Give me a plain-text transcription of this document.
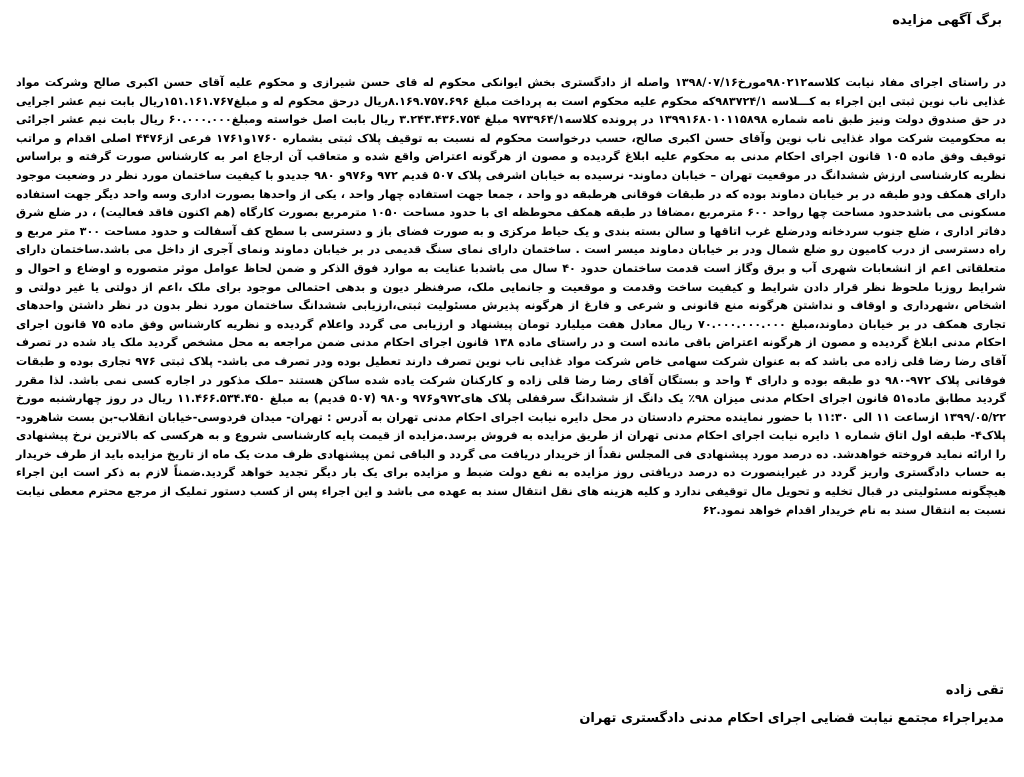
برگ آگهی مزایده

در راستای اجرای مفاد نیابت کلاسه۹۸۰۲۱۲مورخ۱۳۹۸/۰۷/۱۶ واصله از دادگستری بخش ایوانکی محکوم له قای حسن شیرازی و محکوم علیه آقای حسن اکبری صالح وشرکت مواد غذایی ناب نوین ثبتی این اجراء به کـــلاسه ۹۸۳۷۲۴/۱که محکوم علیه محکوم است به پرداخت مبلغ ۸.۱۶۹.۷۵۷.۶۹۶ریال درحق محکوم له و مبلغ۱۵۱.۱۶۱.۷۶۷ریال بابت نیم عشر اجرایی در حق صندوق دولت ونیز طبق نامه شماره ۱۳۹۹۱۶۸۰۱۰۱۱۵۸۹۸ در پرونده کلاسه۹۷۳۹۶۴/۱ مبلغ ۳.۲۴۳.۴۳۶.۷۵۴ ریال بابت اصل خواسته ومبلغ۶۰.۰۰۰.۰۰۰ ریال بابت نیم عشر اجرائی به محکومیت شرکت مواد غذایی ناب نوین وآقای حسن اکبری صالح، حسب درخواست محکوم له نسبت به توقیف پلاک ثبتی بشماره ۱۷۶۰و۱۷۶۱ فرعی از۴۴۷۶ اصلی اقدام و مراتب توقیف وفق ماده ۱۰۵ قانون اجرای احکام مدنی به محکوم علیه ابلاغ گردیده و مصون از هرگونه اعتراض واقع شده و متعاقب آن ارجاع امر به کارشناس صورت گرفته و براساس نظریه کارشناسی ارزش ششدانگ در موقعیت تهران – خیابان دماوند- نرسیده به خیابان اشرفی پلاک ۵۰۷ قدیم ۹۷۲ و۹۷۶و ۹۸۰ جدیدو با کیفیت ساختمان مورد نظر در وضعیت موجود دارای همکف ودو طبقه در بر خیابان دماوند بوده که در طبقات فوقانی هرطبقه دو واحد ، جمعا جهت استفاده چهار واحد ، یکی از واحدها بصورت اداری وسه واحد دیگر جهت استفاده مسکونی می باشدحدود مساحت چها رواحد ۶۰۰ مترمربع ،مضافا در طبقه همکف محوطظه ای با حدود مساحت ۱۰۵۰ مترمربع بصورت کارگاه (هم اکنون فاقد فعالیت) ، در ضلع شرق دفاتر اداری ، ضلع جنوب سردخانه ودرضلع غرب اتاقها و سالن بسته بندی و یک حیاط مرکزی و به صورت فضای باز و دسترسی با سطح کف آسفالت و حدود مساحت ۳۰۰ متر مربع و راه دسترسی از درب کامیون رو ضلع شمال ودر بر خیابان دماوند میسر است . ساختمان دارای نمای سنگ قدیمی در بر خیابان دماوند ونمای آجری از داخل می باشد.ساختمان دارای متعلقاتی اعم از انشعابات شهری آب و برق وگاز است قدمت ساختمان حدود ۴۰ سال می باشدبا عنایت به موارد فوق الذکر و ضمن لحاظ عوامل موثر متصوره و اوضاع و احوال و شرایط روزبا ملحوظ نظر قرار دادن شرایط و کیفیت ساخت وقدمت و موقعیت و جانمایی ملک، صرفنظر دیون و بدهی احتمالی موجود برای ملک ،اعم از دولتی یا غیر دولتی و اشخاص ،شهرداری و اوقاف و نداشتن هرگونه منع قانونی و شرعی و فارغ از هرگونه پذیرش مسئولیت ثبتی،ارزیابی ششدانگ ساختمان مورد نظر بدون در نظر داشتن واحدهای تجاری همکف در بر خیابان دماوند،مبلغ ۷۰.۰۰۰.۰۰۰.۰۰۰ ریال معادل هفت میلیارد تومان پیشنهاد و ارزیابی می گردد واعلام گردیده و نظریه کارشناس وفق ماده ۷۵ قانون اجرای احکام مدنی ابلاغ گردیده و مصون از هرگونه اعتراض باقی مانده است و در راستای ماده ۱۳۸ قانون اجرای احکام مدنی ضمن مراجعه به محل مشخص گردید ملک یاد شده در تصرف آقای رضا رضا قلی زاده می باشد که به عنوان شرکت سهامی خاص شرکت مواد غذایی ناب نوین تصرف دارند تعطیل بوده ودر تصرف می باشد- پلاک ثبتی ۹۷۶ تجاری بوده و طبقات فوقانی پلاک ۹۷۲-۹۸۰ دو طبقه بوده و دارای ۴ واحد و بستگان آقای رضا رضا قلی زاده و کارکنان شرکت یاده شده ساکن هستند –ملک مذکور در اجاره کسی نمی باشد. لذا مقرر گردید مطابق ماده۵۱ قانون اجرای احکام مدنی میزان ۹۸٪ یک دانگ از ششدانگ سرقفلی پلاک های۹۷۲و۹۷۶ و۹۸۰ (۵۰۷ قدیم) به مبلغ ۱۱.۴۶۶.۵۳۴.۴۵۰ ریال در روز چهارشنبه مورخ ۱۳۹۹/۰۵/۲۲ ازساعت ۱۱ الی ۱۱:۳۰ با حضور نماینده محترم دادستان در محل دایره نیابت اجرای احکام مدنی تهران به آدرس : تهران- میدان فردوسی-خیابان انقلاب-بن بست شاهرود-پلاک۴- طبقه اول اتاق شماره ۱ دایره نیابت اجرای احکام مدنی تهران از طریق مزایده به فروش برسد.مزایده از قیمت پایه کارشناسی شروع و به هرکسی که بالاترین نرخ پیشنهادی را ارائه نماید فروخته خواهدشد. ده درصد مورد پیشنهادی فی المجلس نقداً از خریدار دریافت می گردد و الباقی ثمن پیشنهادی ظرف مدت یک ماه از تاریخ مزایده باید از طرف خریدار به حساب دادگستری واریز گردد در غیراینصورت ده درصد دریافتی روز مزایده به نفع دولت ضبط و مزایده برای یک بار دیگر تجدید خواهد گردید.ضمناً لازم به ذکر است این اجراء هیچگونه مسئولیتی در قبال تخلیه و تحویل مال توقیفی ندارد و کلیه هزینه های نقل انتقال سند به عهده می باشد و این اجراء پس از کسب دستور تملیک از مرجع محترم معطی نیابت نسبت به انتقال سند به نام خریدار اقدام خواهد نمود.۶۲

تقی زاده

مدیراجراء مجتمع نیابت قضایی اجرای احکام مدنی دادگستری تهران
